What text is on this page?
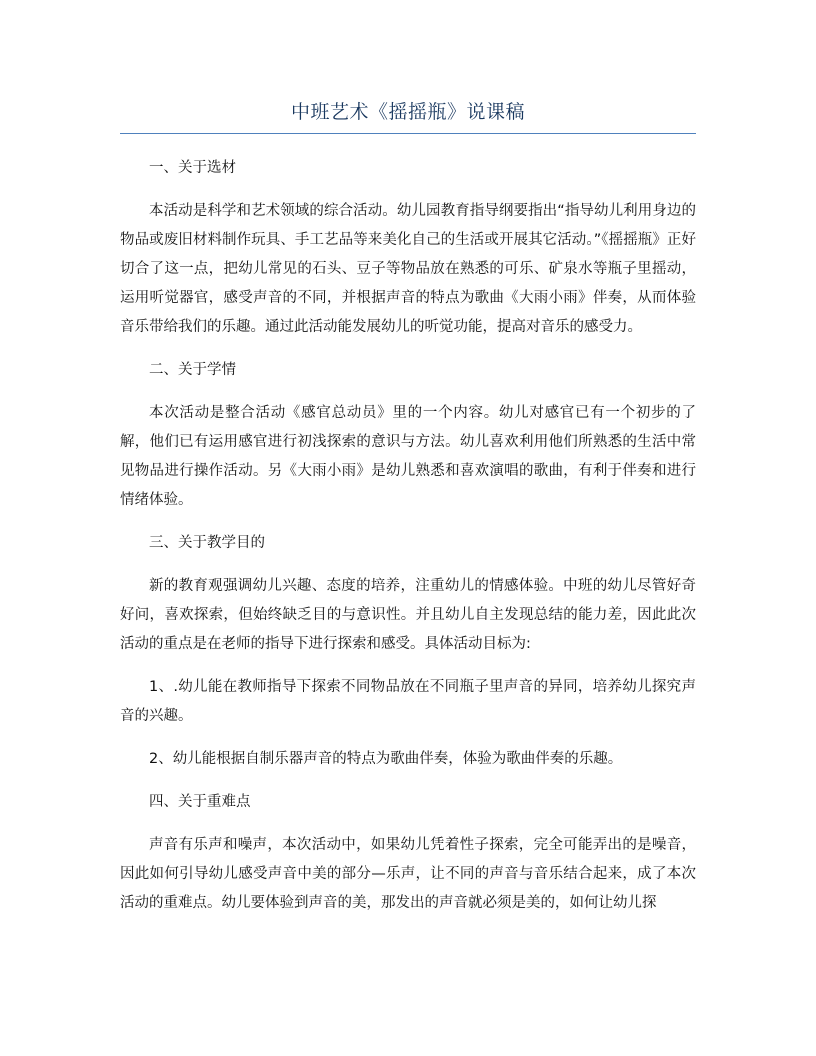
中班艺术《摇摇瓶》说课稿

一、关于选材

本活动是科学和艺术领域的综合活动。幼儿园教育指导纲要指出“指导幼儿利用身边的物品或废旧材料制作玩具、手工艺品等来美化自己的生活或开展其它活动。”《摇摇瓶》正好切合了这一点，把幼儿常见的石头、豆子等物品放在熟悉的可乐、矿泉水等瓶子里摇动，运用听觉器官，感受声音的不同，并根据声音的特点为歌曲《大雨小雨》伴奏，从而体验音乐带给我们的乐趣。通过此活动能发展幼儿的听觉功能，提高对音乐的感受力。

二、关于学情

本次活动是整合活动《感官总动员》里的一个内容。幼儿对感官已有一个初步的了解，他们已有运用感官进行初浅探索的意识与方法。幼儿喜欢利用他们所熟悉的生活中常见物品进行操作活动。另《大雨小雨》是幼儿熟悉和喜欢演唱的歌曲，有利于伴奏和进行情绪体验。

三、关于教学目的

新的教育观强调幼儿兴趣、态度的培养，注重幼儿的情感体验。中班的幼儿尽管好奇好问，喜欢探索，但始终缺乏目的与意识性。并且幼儿自主发现总结的能力差，因此此次活动的重点是在老师的指导下进行探索和感受。具体活动目标为:

1、.幼儿能在教师指导下探索不同物品放在不同瓶子里声音的异同，培养幼儿探究声音的兴趣。

2、幼儿能根据自制乐器声音的特点为歌曲伴奏，体验为歌曲伴奏的乐趣。

四、关于重难点

声音有乐声和噪声，本次活动中，如果幼儿凭着性子探索，完全可能弄出的是噪音，因此如何引导幼儿感受声音中美的部分—乐声，让不同的声音与音乐结合起来，成了本次活动的重难点。幼儿要体验到声音的美，那发出的声音就必须是美的，如何让幼儿探
